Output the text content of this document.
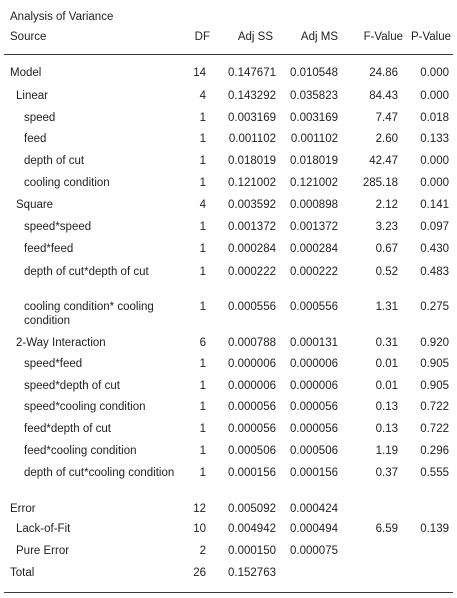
Analysis of Variance
Source	DF Adj SS Adj MS F-Value P-Value
Model	14 0.147671 0.010548	24.86 0.000
Linear	4 0.143292 0.035823	84.43 0.000
speed	1 0.003169 0.003169	7.47 0.018
feed	1 0.001102 0.001102	2.60 0.133
depth of cut	1 0.018019 0.018019	42.47 0.000
cooling condition	1 0.121002 0.121002 285.18 0.000
Square	4 0.003592 0.000898	2.12 0.141
speed*speed	1 0.001372 0.001372	3.23 0.097
feed*feed	1 0.000284 0.000284	0.67 0.430
depth of cut*depth of cut	1 0.000222 0.000222	0.52 0.483
cooling condition* cooling condition
1 0.000556 0.000556	1.31 0.275
2-Way Interaction	6 0.000788 0.000131	0.31 0.920
speed*feed	1 0.000006 0.000006	0.01 0.905
speed*depth of cut	1 0.000006 0.000006	0.01 0.905
speed*cooling condition	1 0.000056 0.000056	0.13 0.722
feed*depth of cut	1 0.000056 0.000056	0.13 0.722
feed*cooling condition	1 0.000506 0.000506	1.19 0.296
depth of cut*cooling condition	1 0.000156 0.000156	0.37 0.555
Error	12 0.005092 0.000424
Lack-of-Fit	10 0.004942 0.000494	6.59 0.139
Pure Error	2 0.000150 0.000075
Total	26 0.152763
